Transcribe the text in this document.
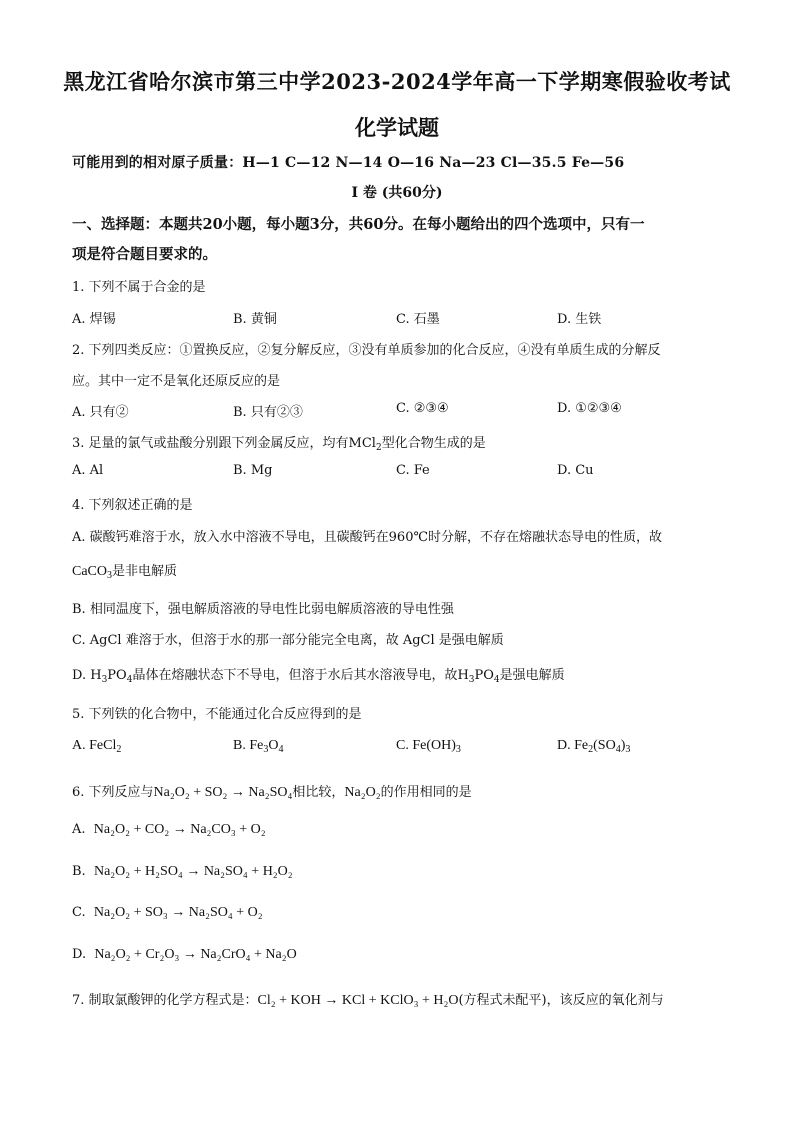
黑龙江省哈尔滨市第三中学2023-2024学年高一下学期寒假验收考试
化学试题
可能用到的相对原子质量：H—1 C—12 N—14 O—16 Na—23 Cl—35.5 Fe—56
I 卷 (共60分)
一、选择题：本题共20小题，每小题3分，共60分。在每小题给出的四个选项中，只有一
项是符合题目要求的。
1. 下列不属于合金的是
A. 焊锡	B. 黄铜	C. 石墨	D. 生铁
2. 下列四类反应：①置换反应，②复分解反应，③没有单质参加的化合反应，④没有单质生成的分解反
应。其中一定不是氧化还原反应的是
A. 只有②	B. 只有②③	C. ②③④	D. ①②③④
3. 足量的氯气或盐酸分别跟下列金属反应，均有MCl$_2$型化合物生成的是
A. Al	B. Mg	C. Fe	D. Cu
4. 下列叙述正确的是
A. 碳酸钙难溶于水，放入水中溶液不导电，且碳酸钙在960℃时分解，不存在熔融状态导电的性质，故
CaCO$_3$是非电解质
B. 相同温度下，强电解质溶液的导电性比弱电解质溶液的导电性强
C. AgCl 难溶于水，但溶于水的那一部分能完全电离，故 AgCl 是强电解质
D. $H_3PO_4$晶体在熔融状态下不导电，但溶于水后其水溶液导电，故$H_3PO_4$是强电解质
5. 下列铁的化合物中，不能通过化合反应得到的是
A. FeCl$_2$	B. $Fe_3O_4$	C. $Fe(OH)_3$	D. $Fe_2(SO_4)_3$
6. 下列反应与Na₂O₂ + SO₂ → Na₂SO₄相比较，Na₂O₂的作用相同的是
A. Na₂O₂ + CO₂ → Na₂CO₃ + O₂
B. Na₂O₂ + H₂SO₄ → Na₂SO₄ + H₂O₂
C. Na₂O₂ + SO₃ → Na₂SO₄ + O₂
D. Na₂O₂ + Cr₂O₃ → Na₂CrO₄ + Na₂O
7. 制取氯酸钾的化学方程式是：Cl₂ + KOH → KCl + KClO₃ + H₂O(方程式未配平)，该反应的氧化剂与
